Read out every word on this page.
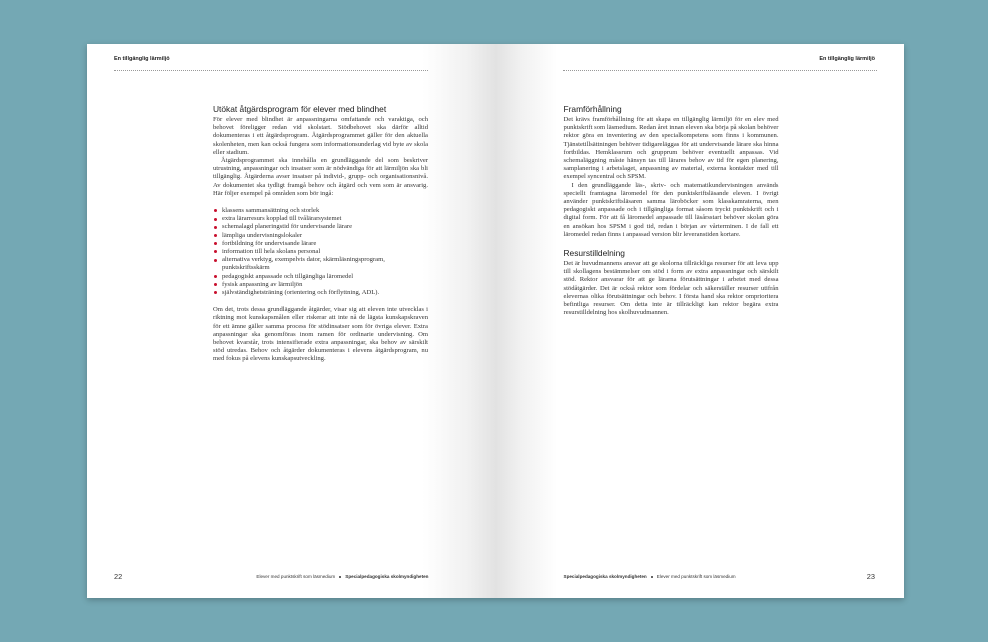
En tillgänglig lärmiljö
Utökat åtgärdsprogram för elever med blindhet

För elever med blindhet är anpassningarna omfattande och varaktiga, och behovet föreligger redan vid skolstart. Stödbehovet ska därför alltid dokumenteras i ett åtgärdsprogram. Åtgärdsprogrammet gäller för den aktuella skolenheten, men kan också fungera som informationsunderlag vid byte av skola eller stadium.

Åtgärdsprogrammet ska innehålla en grundläggande del som beskriver utrustning, anpassningar och insatser som är nödvändiga för att lärmiljön ska bli tillgänglig. Åtgärderna avser insatser på individ-, grupp- och organisationsnivå. Av dokumentet ska tydligt framgå behov och åtgärd och vem som är ansvarig. Här följer exempel på områden som bör ingå:

klassens sammansättning och storlek
extra lärarresurs kopplad till tvålärarsystemet
schemalagd planeringstid för undervisande lärare
lämpliga undervisningslokaler
fortbildning för undervisande lärare
information till hela skolans personal
alternativa verktyg, exempelvis dator, skärmläsningsprogram, punktskriftsskärm
pedagogiskt anpassade och tillgängliga läromedel
fysisk anpassning av lärmiljön
självständighetsträning (orientering och förflyttning, ADL).

Om det, trots dessa grundläggande åtgärder, visar sig att eleven inte utvecklas i riktning mot kunskapsmålen eller riskerar att inte nå de lägsta kunskapskraven för ett ämne gäller samma process för stödinsatser som för övriga elever. Extra anpassningar ska genomföras inom ramen för ordinarie undervisning. Om behovet kvarstår, trots intensifierade extra anpassningar, ska behov av särskilt stöd utredas. Behov och åtgärder dokumenteras i elevens åtgärdsprogram, nu med fokus på elevens kunskapsutveckling.

22	Elever med punktskrift som läsmedium Specialpedagogiska skolmyndigheten
En tillgänglig lärmiljö
Framförhållning

Det krävs framförhållning för att skapa en tillgänglig lärmiljö för en elev med punktskrift som läsmedium. Redan året innan eleven ska börja på skolan behöver rektor göra en inventering av den specialkompetens som finns i kommunen. Tjänstetillsättningen behöver tidigareläggas för att undervisande lärare ska hinna fortbildas. Hemklassrum och grupprum behöver eventuellt anpassas. Vid schemaläggning måste hänsyn tas till lärares behov av tid för egen planering, samplanering i arbetslaget, anpassning av material, externa kontakter med till exempel syncentral och SPSM.

I den grundläggande läs-, skriv- och matematikundervisningen används speciellt framtagna läromedel för den punktskriftsläsande eleven. I övrigt använder punktskriftsläsaren samma läroböcker som klasskamraterna, men pedagogiskt anpassade och i tillgängliga format såsom tryckt punktskrift och i digital form. För att få läromedel anpassade till läsårsstart behöver skolan göra en ansökan hos SPSM i god tid, redan i början av vårterminen. I de fall ett läromedel redan finns i anpassad version blir leveranstiden kortare.

Resurstilldelning

Det är huvudmannens ansvar att ge skolorna tillräckliga resurser för att leva upp till skollagens bestämmelser om stöd i form av extra anpassningar och särskilt stöd. Rektor ansvarar för att ge lärarna förutsättningar i arbetet med dessa stödåtgärder. Det är också rektor som fördelar och säkerställer resurser utifrån elevernas olika förutsättningar och behov. I första hand ska rektor omprioritera befintliga resurser. Om detta inte är tillräckligt kan rektor begära extra resurstilldelning hos skolhuvudmannen.

23
Specialpedagogiska skolmyndigheten Elever med punktskrift som läsmedium
